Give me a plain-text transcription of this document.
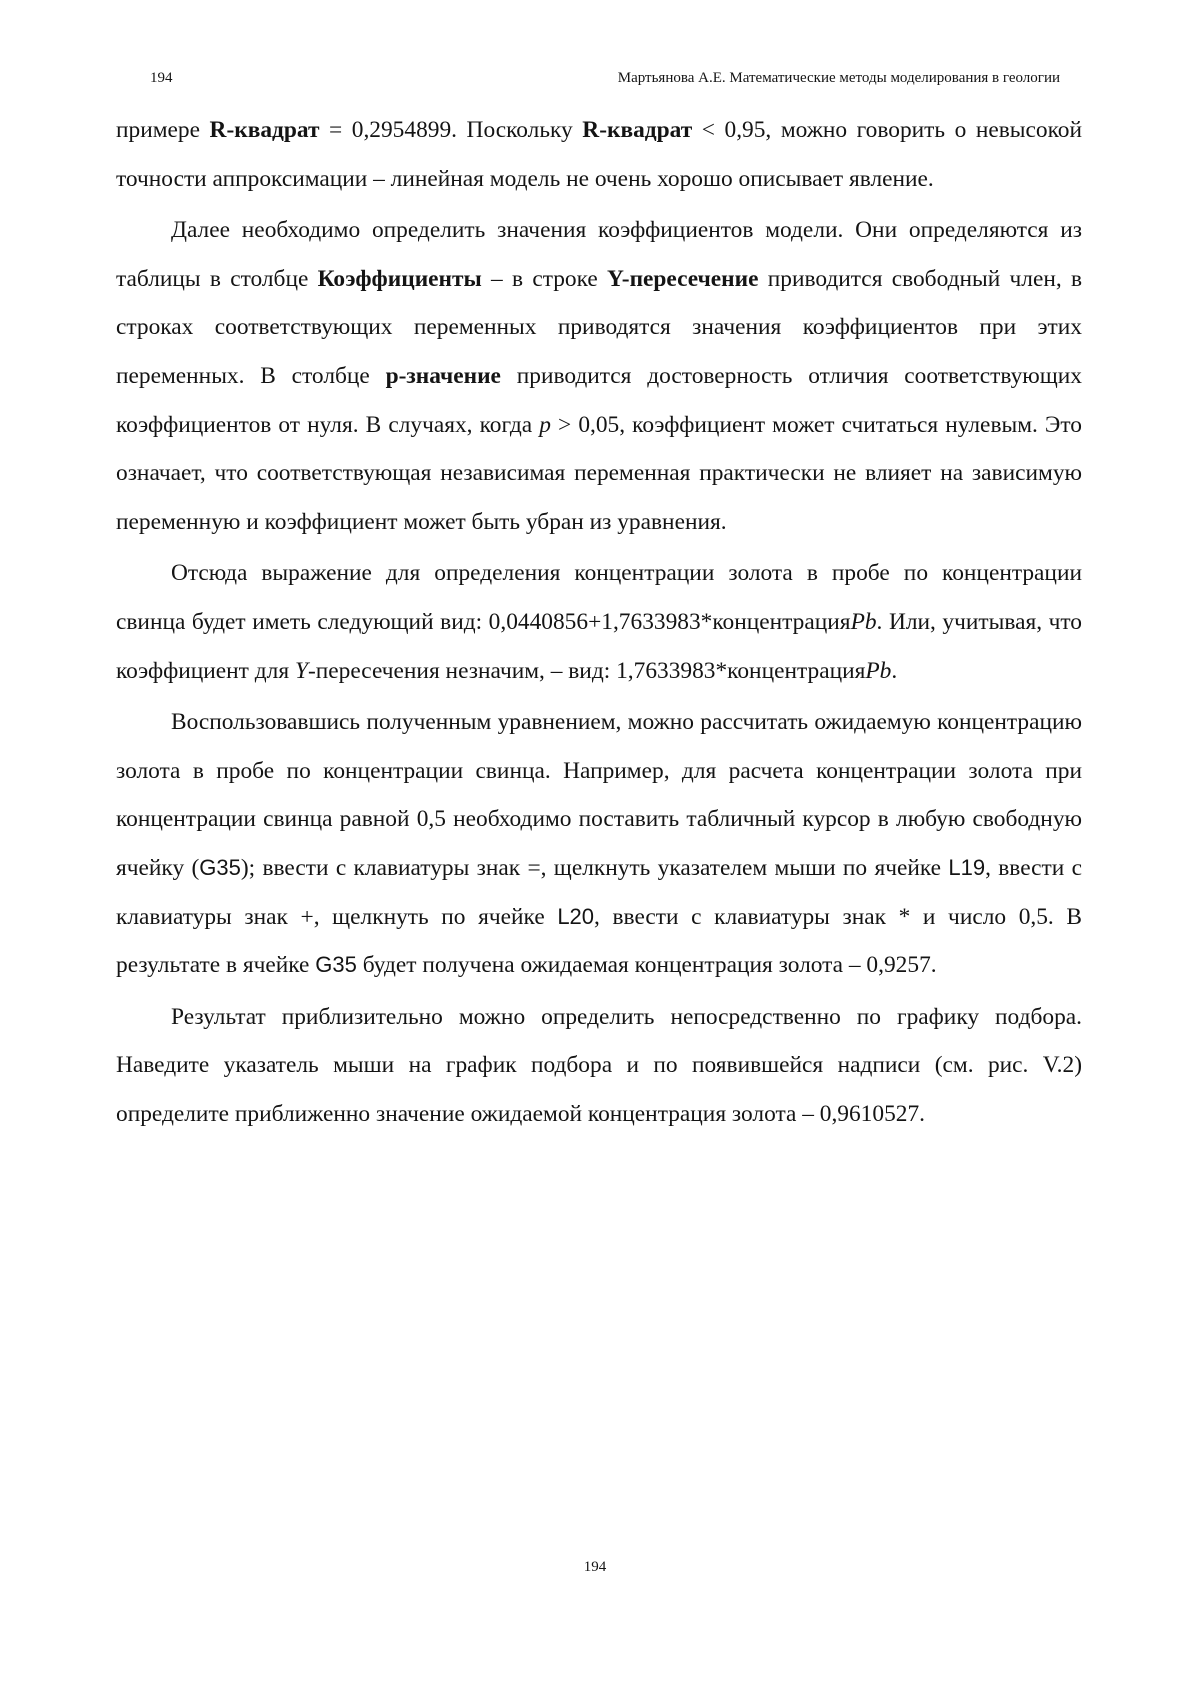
194	Мартьянова А.Е. Математические методы моделирования в геологии

примере R-квадрат = 0,2954899. Поскольку R-квадрат < 0,95, можно говорить о невысокой точности аппроксимации – линейная модель не очень хорошо описывает явление.

Далее необходимо определить значения коэффициентов модели. Они определяются из таблицы в столбце Коэффициенты – в строке Y-пересечение приводится свободный член, в строках соответствующих переменных приводятся значения коэффициентов при этих переменных. В столбце р-значение приводится достоверность отличия соответствующих коэффициентов от нуля. В случаях, когда р > 0,05, коэффициент может считаться нулевым. Это означает, что соответствующая независимая переменная практически не влияет на зависимую переменную и коэффициент может быть убран из уравнения.

Отсюда выражение для определения концентрации золота в пробе по концентрации свинца будет иметь следующий вид: 0,0440856+1,7633983*концентрацияPb. Или, учитывая, что коэффициент для Y-пересечения незначим, – вид: 1,7633983*концентрацияPb.

Воспользовавшись полученным уравнением, можно рассчитать ожидаемую концентрацию золота в пробе по концентрации свинца. Например, для расчета концентрации золота при концентрации свинца равной 0,5 необходимо поставить табличный курсор в любую свободную ячейку (G35); ввести с клавиатуры знак =, щелкнуть указателем мыши по ячейке L19, ввести с клавиатуры знак +, щелкнуть по ячейке L20, ввести с клавиатуры знак * и число 0,5. В результате в ячейке G35 будет получена ожидаемая концентрация золота – 0,9257.

Результат приблизительно можно определить непосредственно по графику подбора. Наведите указатель мыши на график подбора и по появившейся надписи (см. рис. V.2) определите приближенно значение ожидаемой концентрация золота – 0,9610527.

194
